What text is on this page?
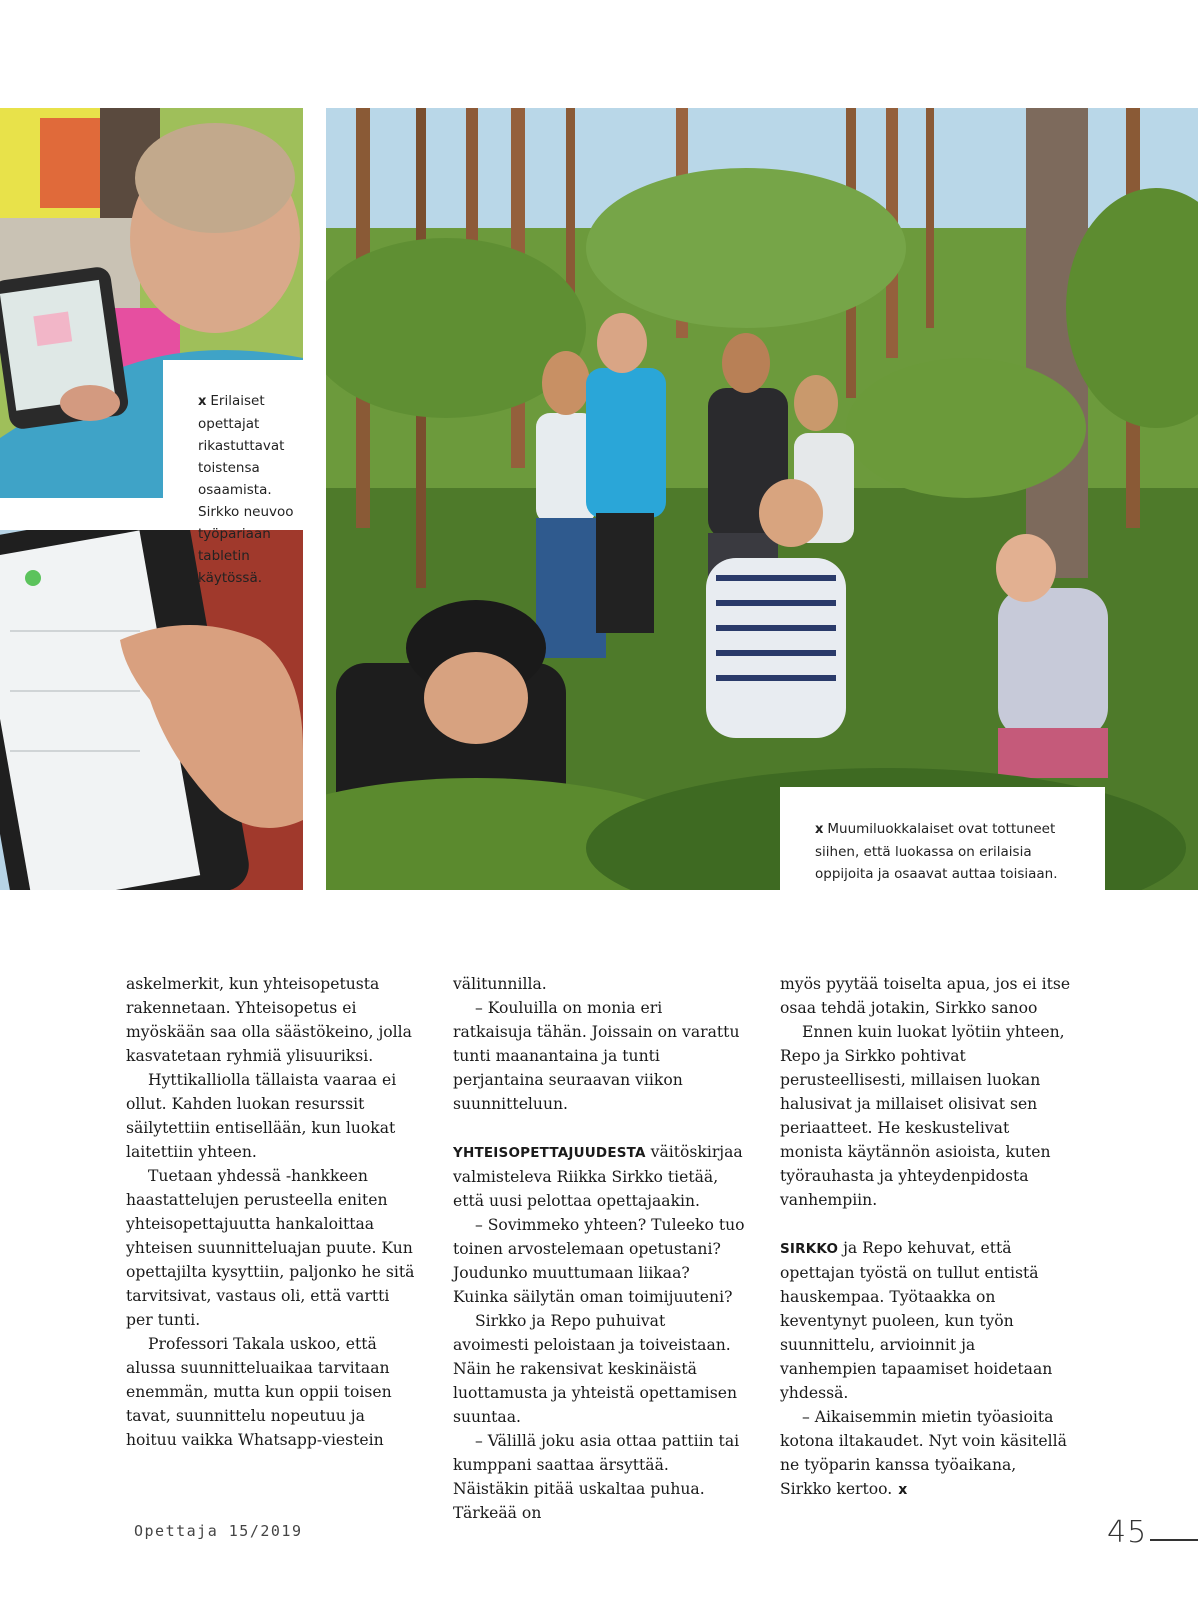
x Erilaiset opettajat rikastuttavat toistensa osaamista. Sirkko neuvoo työpariaan tabletin käytössä.
x Muumiluokkalaiset ovat tottuneet siihen, että luokassa on erilaisia oppijoita ja osaavat auttaa toisiaan.

askelmerkit, kun yhteisopetusta rakennetaan. Yhteisopetus ei myöskään saa olla säästökeino, jolla kasvatetaan ryhmiä ylisuuriksi.

Hyttikalliolla tällaista vaaraa ei ollut. Kahden luokan resurssit säilytettiin entisellään, kun luokat laitettiin yhteen.

Tuetaan yhdessä -hankkeen haastattelujen perusteella eniten yhteisopettajuutta hankaloittaa yhteisen suunnitteluajan puute. Kun opettajilta kysyttiin, paljonko he sitä tarvitsivat, vastaus oli, että vartti per tunti.

Professori Takala uskoo, että alussa suunnitteluaikaa tarvitaan enemmän, mutta kun oppii toisen tavat, suunnittelu nopeutuu ja hoituu vaikka Whatsapp-viestein

välitunnilla.

– Kouluilla on monia eri ratkaisuja tähän. Joissain on varattu tunti maanantaina ja tunti perjantaina seuraavan viikon suunnitteluun.

YHTEISOPETTAJUUDESTA väitöskirjaa valmisteleva Riikka Sirkko tietää, että uusi pelottaa opettajaakin.

– Sovimmeko yhteen? Tuleeko tuo toinen arvostelemaan opetustani? Joudunko muuttumaan liikaa? Kuinka säilytän oman toimijuuteni?

Sirkko ja Repo puhuivat avoimesti peloistaan ja toiveistaan. Näin he rakensivat keskinäistä luottamusta ja yhteistä opettamisen suuntaa.

– Välillä joku asia ottaa pattiin tai kumppani saattaa ärsyttää. Näistäkin pitää uskaltaa puhua. Tärkeää on

myös pyytää toiselta apua, jos ei itse osaa tehdä jotakin, Sirkko sanoo

Ennen kuin luokat lyötiin yhteen, Repo ja Sirkko pohtivat perusteellisesti, millaisen luokan halusivat ja millaiset olisivat sen periaatteet. He keskustelivat monista käytännön asioista, kuten työrauhasta ja yhteydenpidosta vanhempiin.

SIRKKO ja Repo kehuvat, että opettajan työstä on tullut entistä hauskempaa. Työtaakka on keventynyt puoleen, kun työn suunnittelu, arvioinnit ja vanhempien tapaamiset hoidetaan yhdessä.

– Aikaisemmin mietin työasioita kotona iltakaudet. Nyt voin käsitellä ne työparin kanssa työaikana, Sirkko kertoo. x

Opettaja 15/2019	45
